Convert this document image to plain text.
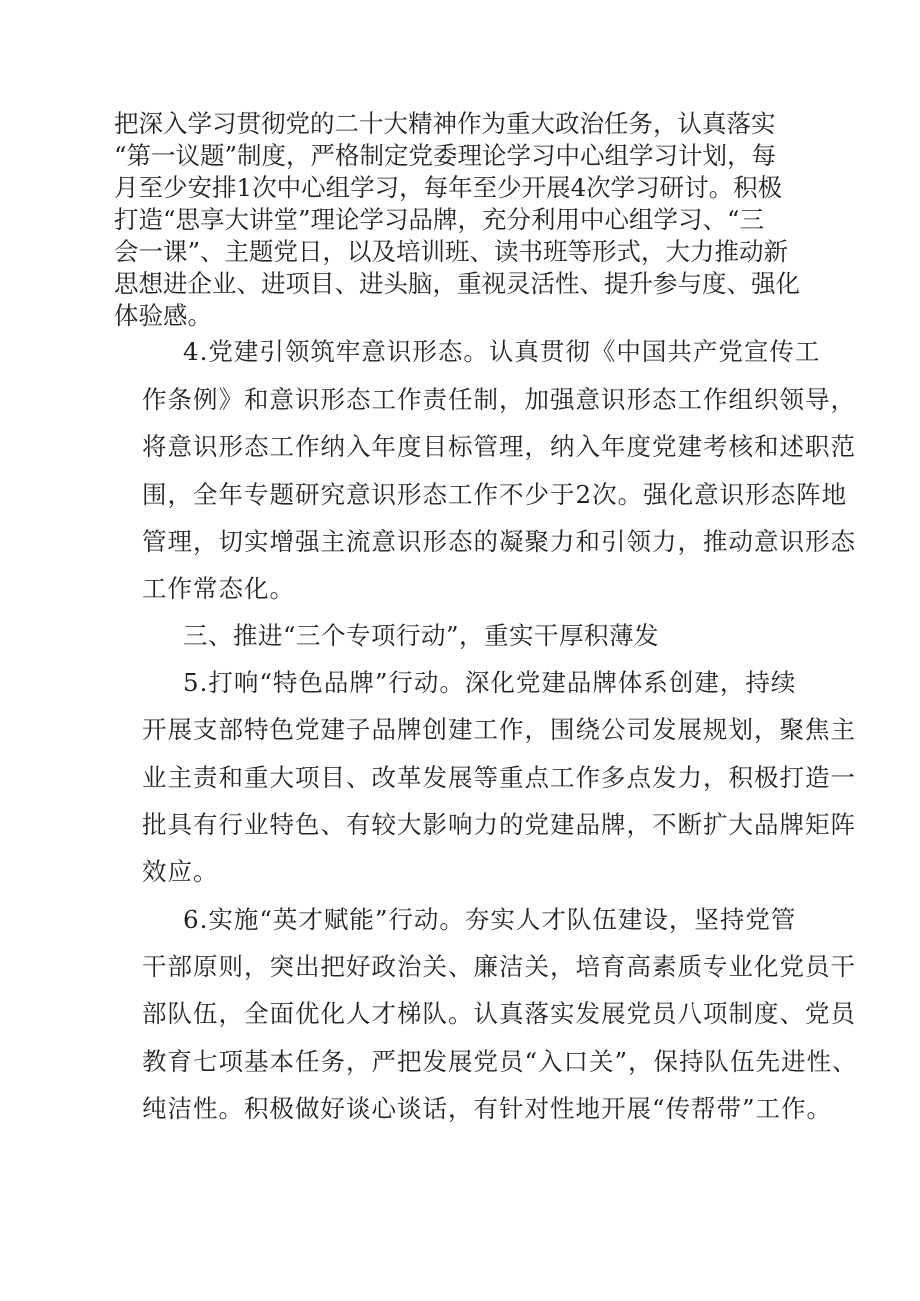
把深入学习贯彻党的二十大精神作为重大政治任务，认真落实

“第一议题”制度，严格制定党委理论学习中心组学习计划，每

月至少安排1次中心组学习，每年至少开展4次学习研讨。积极

打造“思享大讲堂”理论学习品牌，充分利用中心组学习、“三

会一课”、主题党日，以及培训班、读书班等形式，大力推动新

思想进企业、进项目、进头脑，重视灵活性、提升参与度、强化

体验感。

4.党建引领筑牢意识形态。认真贯彻《中国共产党宣传工

作条例》和意识形态工作责任制，加强意识形态工作组织领导，

将意识形态工作纳入年度目标管理，纳入年度党建考核和述职范

围，全年专题研究意识形态工作不少于2次。强化意识形态阵地

管理，切实增强主流意识形态的凝聚力和引领力，推动意识形态

工作常态化。

三、推进“三个专项行动”，重实干厚积薄发

5.打响“特色品牌”行动。深化党建品牌体系创建，持续

开展支部特色党建子品牌创建工作，围绕公司发展规划，聚焦主

业主责和重大项目、改革发展等重点工作多点发力，积极打造一

批具有行业特色、有较大影响力的党建品牌，不断扩大品牌矩阵

效应。

6.实施“英才赋能”行动。夯实人才队伍建设，坚持党管

干部原则，突出把好政治关、廉洁关，培育高素质专业化党员干

部队伍，全面优化人才梯队。认真落实发展党员八项制度、党员

教育七项基本任务，严把发展党员“入口关”，保持队伍先进性、

纯洁性。积极做好谈心谈话，有针对性地开展“传帮带”工作。
